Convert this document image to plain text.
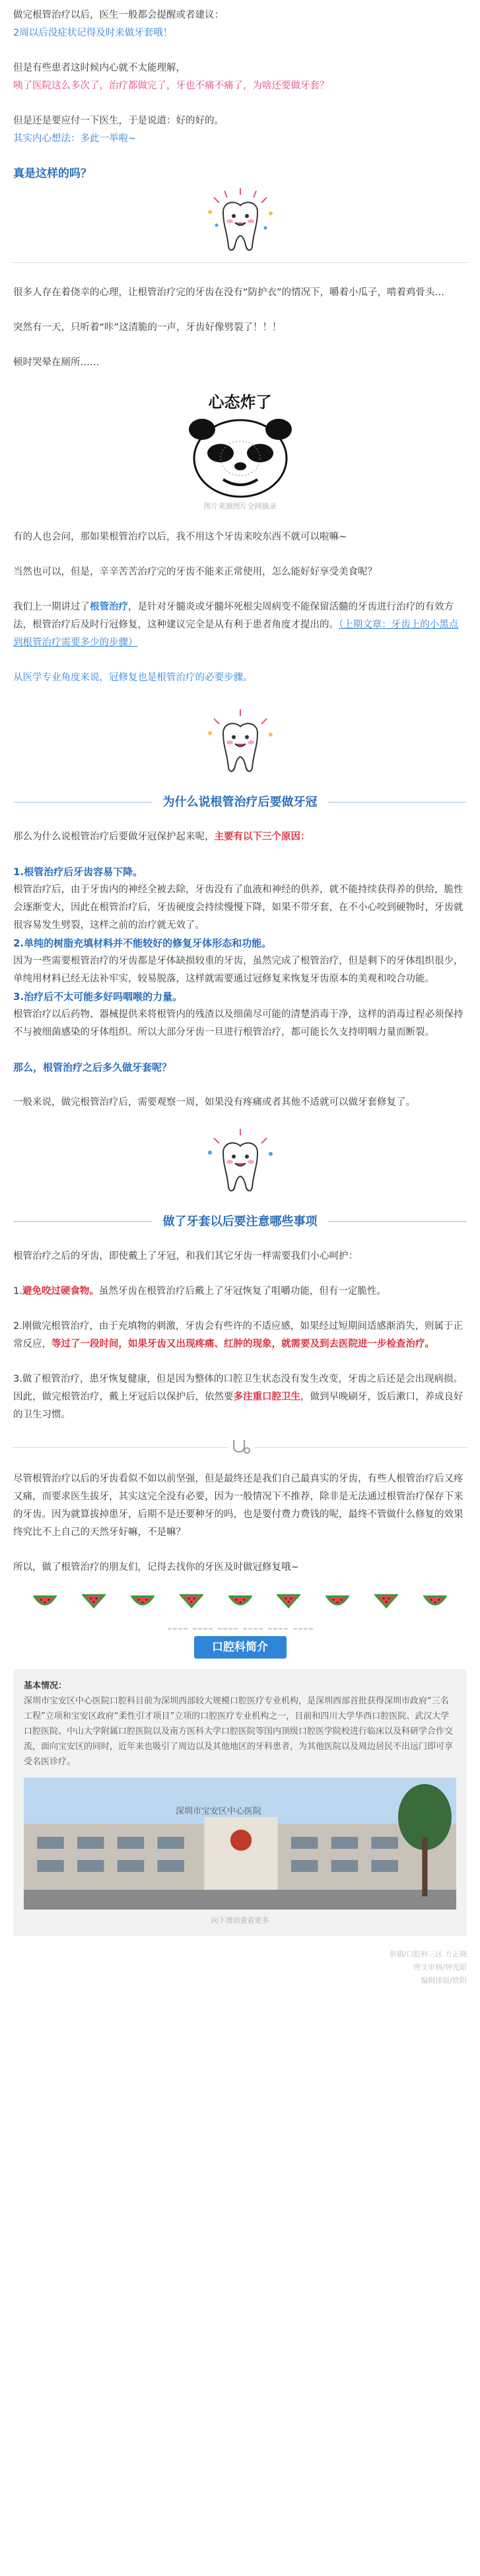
做完根管治疗以后，医生一般都会提醒或者建议：

2周以后没症状记得及时来做牙套哦！

但是有些患者这时候内心就不太能理解，

咦了医院这么多次了，治疗都做完了，牙也不痛不痛了，为啥还要做牙套？

但是还是要应付一下医生，于是说道：好的好的。

其实内心想法：多此一举啦~

真是这样的吗？

很多人存在着侥幸的心理，让根管治疗完的牙齿在没有“防护衣”的情况下，嚼着小瓜子，啃着鸡骨头…

突然有一天，只听着“咔”这清脆的一声，牙齿好像劈裂了！！！

顿时哭晕在厕所……

心态炸了
图片来源图片全网摘录

有的人也会问，那如果根管治疗以后，我不用这个牙齿来咬东西不就可以啦嘛~

当然也可以，但是，辛辛苦苦治疗完的牙齿不能来正常使用，怎么能好好享受美食呢？

我们上一期讲过了根管治疗，是针对牙髓炎或牙髓坏死根尖周病变不能保留活髓的牙齿进行治疗的有效方法，根管治疗后及时行冠修复，这种建议完全是从有利于患者角度才提出的。（上期文章：牙齿上的小黑点到根管治疗需要多少的步骤）

从医学专业角度来说，冠修复也是根管治疗的必要步骤。

为什么说根管治疗后要做牙冠

那么为什么说根管治疗后要做牙冠保护起来呢，主要有以下三个原因：

1.根管治疗后牙齿容易下降。

根管治疗后，由于牙齿内的神经全被去除，牙齿没有了血液和神经的供养，就不能持续获得养的供给，脆性会逐渐变大，因此在根管治疗后，牙齿硬度会持续慢慢下降，如果不带牙套，在不小心咬到硬物时，牙齿就很容易发生劈裂，这样之前的治疗就无效了。

2.单纯的树脂充填材料并不能较好的修复牙体形态和功能。

因为一些需要根管治疗的牙齿都是牙体缺损较重的牙齿，虽然完成了根管治疗，但是剩下的牙体组织很少，单纯用材料已经无法补牢实，较易脱落，这样就需要通过冠修复来恢复牙齿原本的美观和咬合功能。

3.治疗后不太可能多好吗咽喉的力量。

根管治疗以后药物、器械提供来将根管内的残渣以及细菌尽可能的清楚消毒干净，这样的消毒过程必须保持不与被细菌感染的牙体组织。所以大部分牙齿一旦进行根管治疗，都可能长久支持明咽力量而断裂。

那么，根管治疗之后多久做牙套呢？

一般来说，做完根管治疗后，需要观察一周，如果没有疼痛或者其他不适就可以做牙套修复了。

做了牙套以后要注意哪些事项

根管治疗之后的牙齿，即使戴上了牙冠，和我们其它牙齿一样需要我们小心呵护：

1.避免咬过硬食物。虽然牙齿在根管治疗后戴上了牙冠恢复了咀嚼功能，但有一定脆性。

2.刚做完根管治疗，由于充填物的刺激，牙齿会有些许的不适应感，如果经过短期间适感渐消失，则属于正常反应，等过了一段时间，如果牙齿又出现疼痛、红肿的现象，就需要及到去医院进一步检查治疗。

3.做了根管治疗，患牙恢复健康，但是因为整体的口腔卫生状态没有发生改变，牙齿之后还是会出现病损。因此，做完根管治疗，戴上牙冠后以保护后，依然要多注重口腔卫生，做到早晚刷牙，饭后漱口，养成良好的卫生习惯。

尽管根管治疗以后的牙齿看似不如以前坚强，但是最终还是我们自己最真实的牙齿，有些人根管治疗后又疼又痛，而要求医生拔牙，其实这完全没有必要，因为一般情况下不推荐，除非是无法通过根管治疗保存下来的牙齿。因为就算拔掉患牙，后期不是还要种牙的吗，也是要付费力费钱的呢，最终不管做什么修复的效果终究比不上自己的天然牙好嘛，不是嘛？

所以，做了根管治疗的朋友们，记得去找你的牙医及时做冠修复哦~

口腔科简介

基本情况：

深圳市宝安区中心医院口腔科目前为深圳西部较大规模口腔医疗专业机构，是深圳西部首批获得深圳市政府“三名工程”立项和宝安区政府“柔性引才项目”立项的口腔医疗专业机构之一，目前和四川大学华西口腔医院、武汉大学口腔医院、中山大学附属口腔医院以及南方医科大学口腔医院等国内顶级口腔医学院校进行临床以及科研学合作交流，面向宝安区的同时，近年来也吸引了周边以及其他地区的牙科患者，为其他医院以及周边居民不出远门即可享受名医诊疗。

深圳市宝安区中心医院
向下滑动查看更多
供稿/口腔科三区 方正晓
图文审核/钟光昭
编辑排版/欧阳
